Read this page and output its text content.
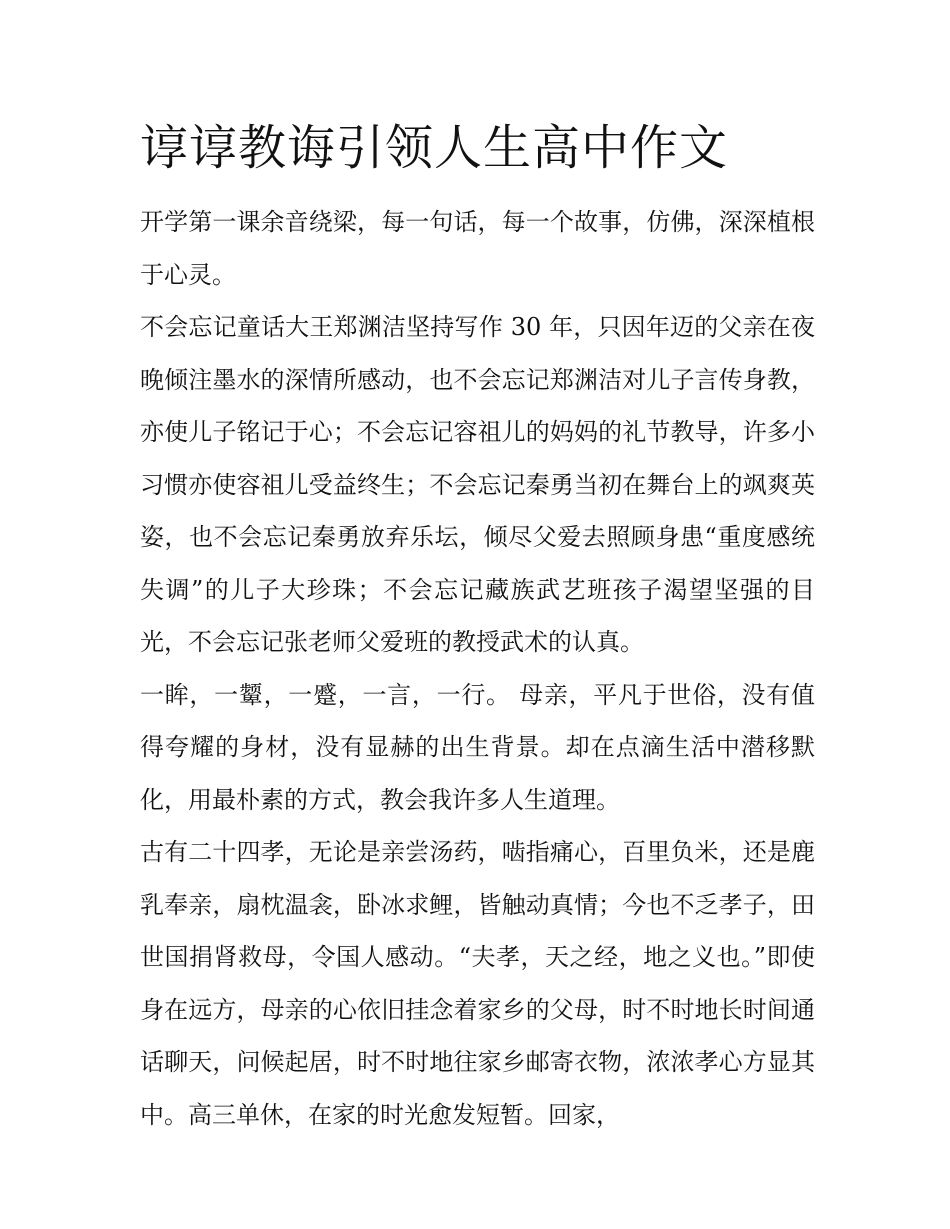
谆谆教诲引领人生高中作文

开学第一课余音绕梁，每一句话，每一个故事，仿佛，深深植根于心灵。

不会忘记童话大王郑渊洁坚持写作 30 年，只因年迈的父亲在夜晚倾注墨水的深情所感动，也不会忘记郑渊洁对儿子言传身教，亦使儿子铭记于心；不会忘记容祖儿的妈妈的礼节教导，许多小习惯亦使容祖儿受益终生；不会忘记秦勇当初在舞台上的飒爽英姿，也不会忘记秦勇放弃乐坛，倾尽父爱去照顾身患“重度感统失调”的儿子大珍珠；不会忘记藏族武艺班孩子渴望坚强的目光，不会忘记张老师父爱班的教授武术的认真。

一眸，一颦，一蹙，一言，一行。 母亲，平凡于世俗，没有值得夸耀的身材，没有显赫的出生背景。却在点滴生活中潜移默化，用最朴素的方式，教会我许多人生道理。

古有二十四孝，无论是亲尝汤药，啮指痛心，百里负米，还是鹿乳奉亲，扇枕温衾，卧冰求鲤，皆触动真情；今也不乏孝子，田世国捐肾救母，令国人感动。“夫孝，天之经，地之义也。”即使身在远方，母亲的心依旧挂念着家乡的父母，时不时地长时间通话聊天，问候起居，时不时地往家乡邮寄衣物，浓浓孝心方显其中。高三单休，在家的时光愈发短暂。回家，
